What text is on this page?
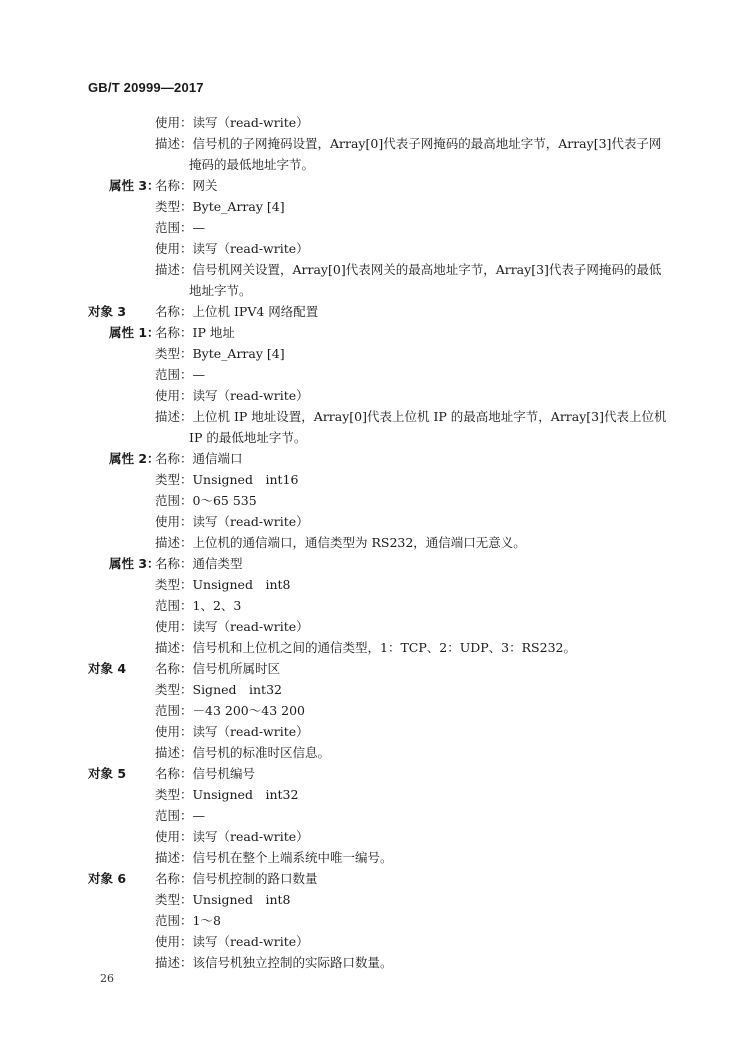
GB/T 20999—2017
使用：读写（read-write）
描述：信号机的子网掩码设置，Array[0]代表子网掩码的最高地址字节，Array[3]代表子网
掩码的最低地址字节。
属性 3：
名称：网关
类型：Byte_Array [4]
范围：—
使用：读写（read-write）
描述：信号机网关设置，Array[0]代表网关的最高地址字节，Array[3]代表子网掩码的最低
地址字节。
对象 3 名称：上位机 IPV4 网络配置
属性 1：
名称：IP 地址
类型：Byte_Array [4]
范围：—
使用：读写（read-write）
描述：上位机 IP 地址设置，Array[0]代表上位机 IP 的最高地址字节，Array[3]代表上位机
IP 的最低地址字节。
属性 2：
名称：通信端口
类型：Unsigned　int16
范围：0～65 535
使用：读写（read-write）
描述：上位机的通信端口，通信类型为 RS232，通信端口无意义。
属性 3：
名称：通信类型
类型：Unsigned　int8
范围：1、2、3
使用：读写（read-write）
描述：信号机和上位机之间的通信类型，1：TCP、2：UDP、3：RS232。
对象 4 名称：信号机所属时区
类型：Signed　int32
范围：－43 200～43 200
使用：读写（read-write）
描述：信号机的标准时区信息。
对象 5 名称：信号机编号
类型：Unsigned　int32
范围：—
使用：读写（read-write）
描述：信号机在整个上端系统中唯一编号。
对象 6 名称：信号机控制的路口数量
类型：Unsigned　int8
范围：1～8
使用：读写（read-write）
描述：该信号机独立控制的实际路口数量。
26
